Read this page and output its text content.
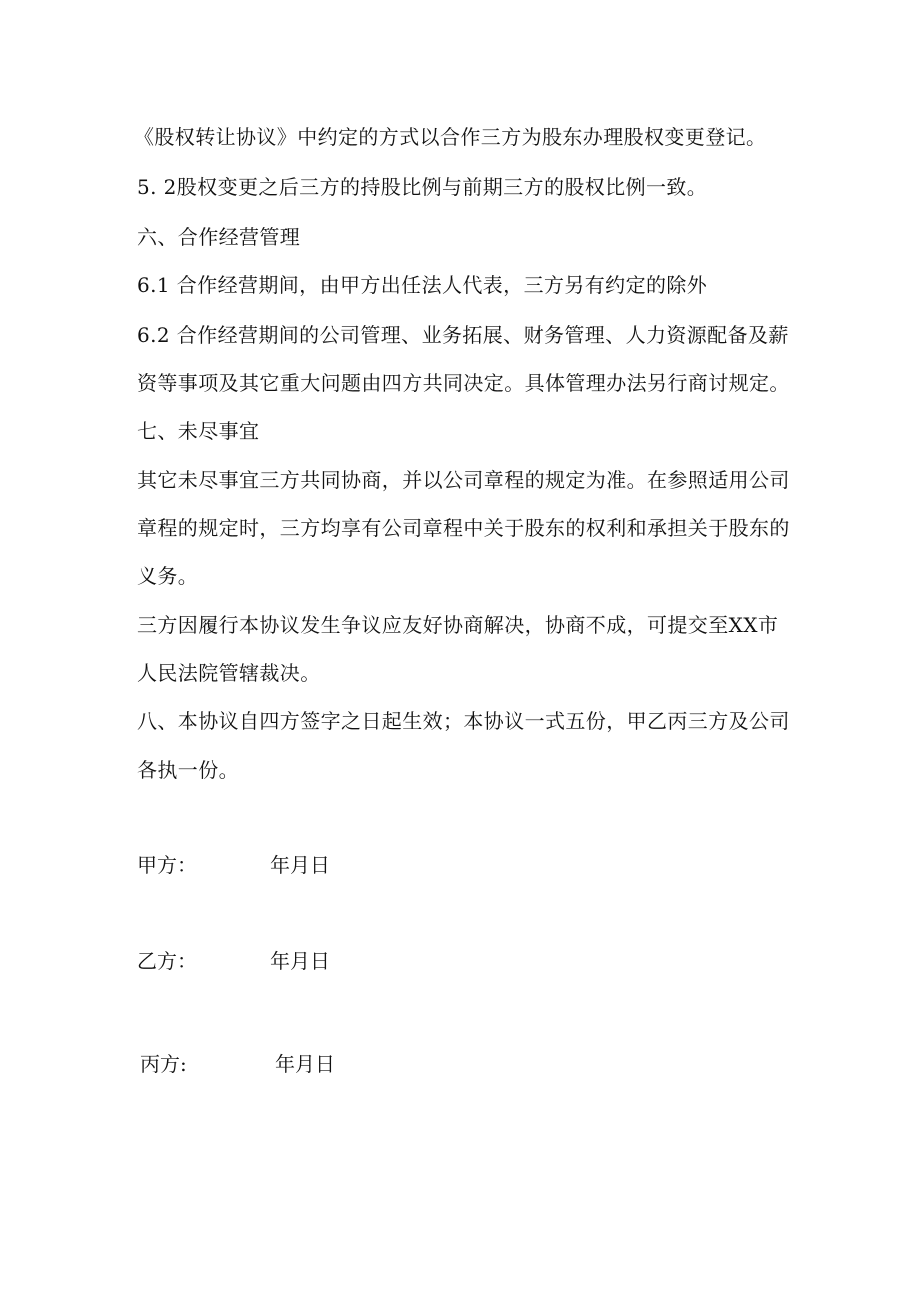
《股权转让协议》中约定的方式以合作三方为股东办理股权变更登记。
5. 2股权变更之后三方的持股比例与前期三方的股权比例一致。
六、合作经营管理
6.1 合作经营期间，由甲方出任法人代表，三方另有约定的除外
6.2 合作经营期间的公司管理、业务拓展、财务管理、人力资源配备及薪
资等事项及其它重大问题由四方共同决定。具体管理办法另行商讨规定。
七、未尽事宜
其它未尽事宜三方共同协商，并以公司章程的规定为准。在参照适用公司
章程的规定时，三方均享有公司章程中关于股东的权利和承担关于股东的
义务。
三方因履行本协议发生争议应友好协商解决，协商不成，可提交至XX市
人民法院管辖裁决。
八、本协议自四方签字之日起生效；本协议一式五份，甲乙丙三方及公司
各执一份。
甲方：	年月日
乙方：	年月日
丙方:	年月日
